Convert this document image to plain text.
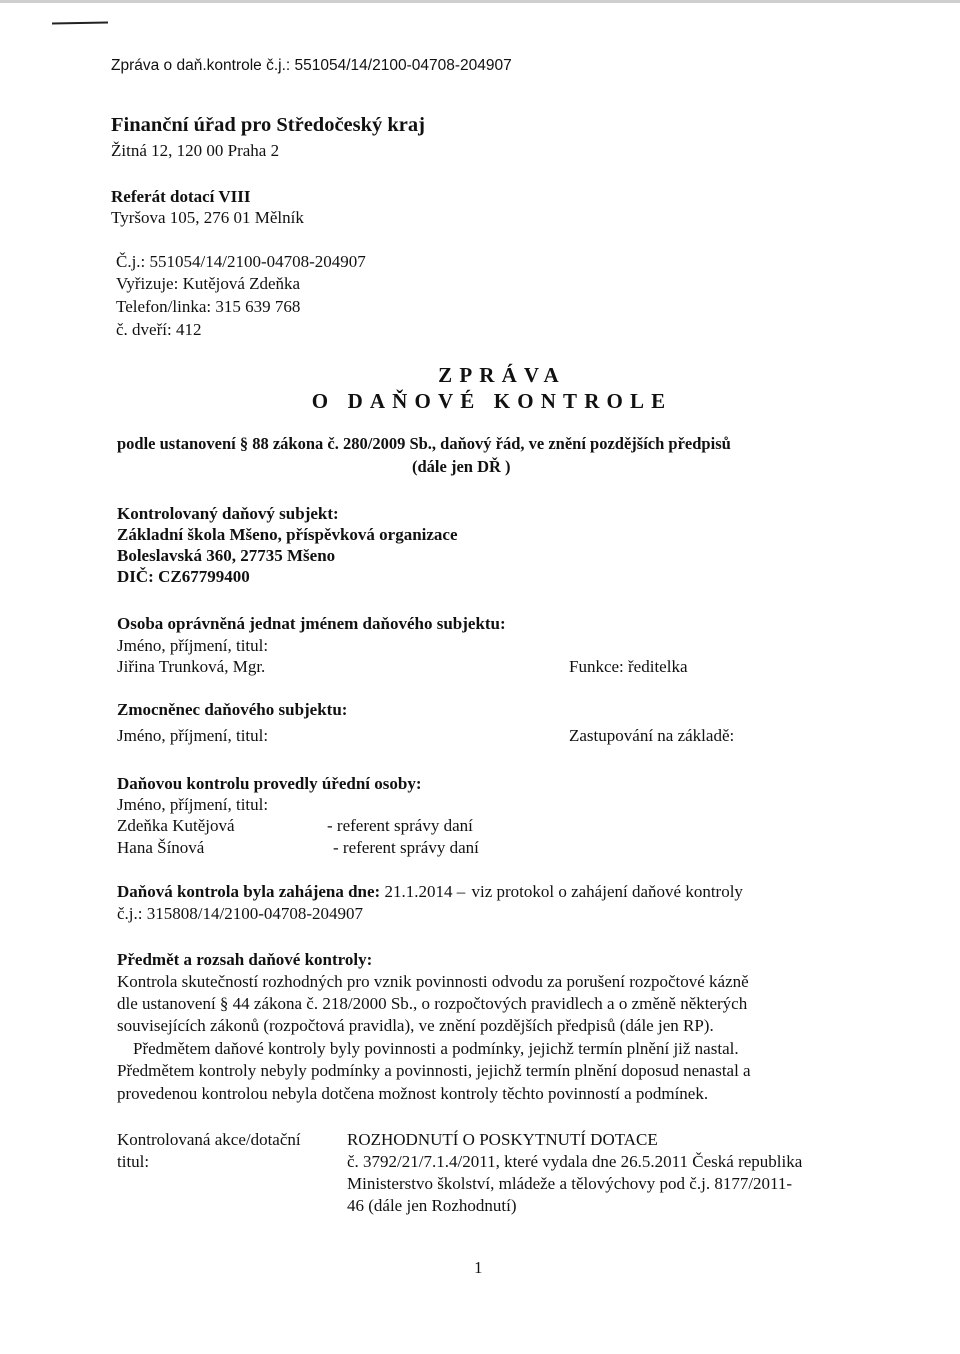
Zpráva o daň.kontrole č.j.: 551054/14/2100-04708-204907
Finanční úřad pro Středočeský kraj
Žitná 12, 120 00 Praha 2
Referát dotací VIII
Tyršova 105, 276 01 Mělník
Č.j.: 551054/14/2100-04708-204907
Vyřizuje: Kutějová Zdeňka
Telefon/linka: 315 639 768
č. dveří: 412
ZPRÁVA
O DAŇOVÉ KONTROLE
podle ustanovení § 88 zákona č. 280/2009 Sb., daňový řád, ve znění pozdějších předpisů
(dále jen DŘ )
Kontrolovaný daňový subjekt:
Základní škola Mšeno, příspěvková organizace
Boleslavská 360, 27735 Mšeno
DIČ: CZ67799400
Osoba oprávněná jednat jménem daňového subjektu:
Jméno, příjmení, titul:
Jiřina Trunková, Mgr.	Funkce: ředitelka
Zmocněnec daňového subjektu:
Jméno, příjmení, titul:	Zastupování na základě:
Daňovou kontrolu provedly úřední osoby:
Jméno, příjmení, titul:
Zdeňka Kutějová	- referent správy daní
Hana Šínová	- referent správy daní
Daňová kontrola byla zahájena dne: 21.1.2014 – viz protokol o zahájení daňové kontroly
č.j.: 315808/14/2100-04708-204907
Předmět a rozsah daňové kontroly:
Kontrola skutečností rozhodných pro vznik povinnosti odvodu za porušení rozpočtové kázně
dle ustanovení § 44 zákona č. 218/2000 Sb., o rozpočtových pravidlech a o změně některých
souvisejících zákonů (rozpočtová pravidla), ve znění pozdějších předpisů (dále jen RP).
Předmětem daňové kontroly byly povinnosti a podmínky, jejichž termín plnění již nastal.
Předmětem kontroly nebyly podmínky a povinnosti, jejichž termín plnění doposud nenastal a
provedenou kontrolou nebyla dotčena možnost kontroly těchto povinností a podmínek.
Kontrolovaná akce/dotační
titul:
ROZHODNUTÍ O POSKYTNUTÍ DOTACE
č. 3792/21/7.1.4/2011, které vydala dne 26.5.2011 Česká republika
Ministerstvo školství, mládeže a tělovýchovy pod č.j. 8177/2011-
46 (dále jen Rozhodnutí)
1
